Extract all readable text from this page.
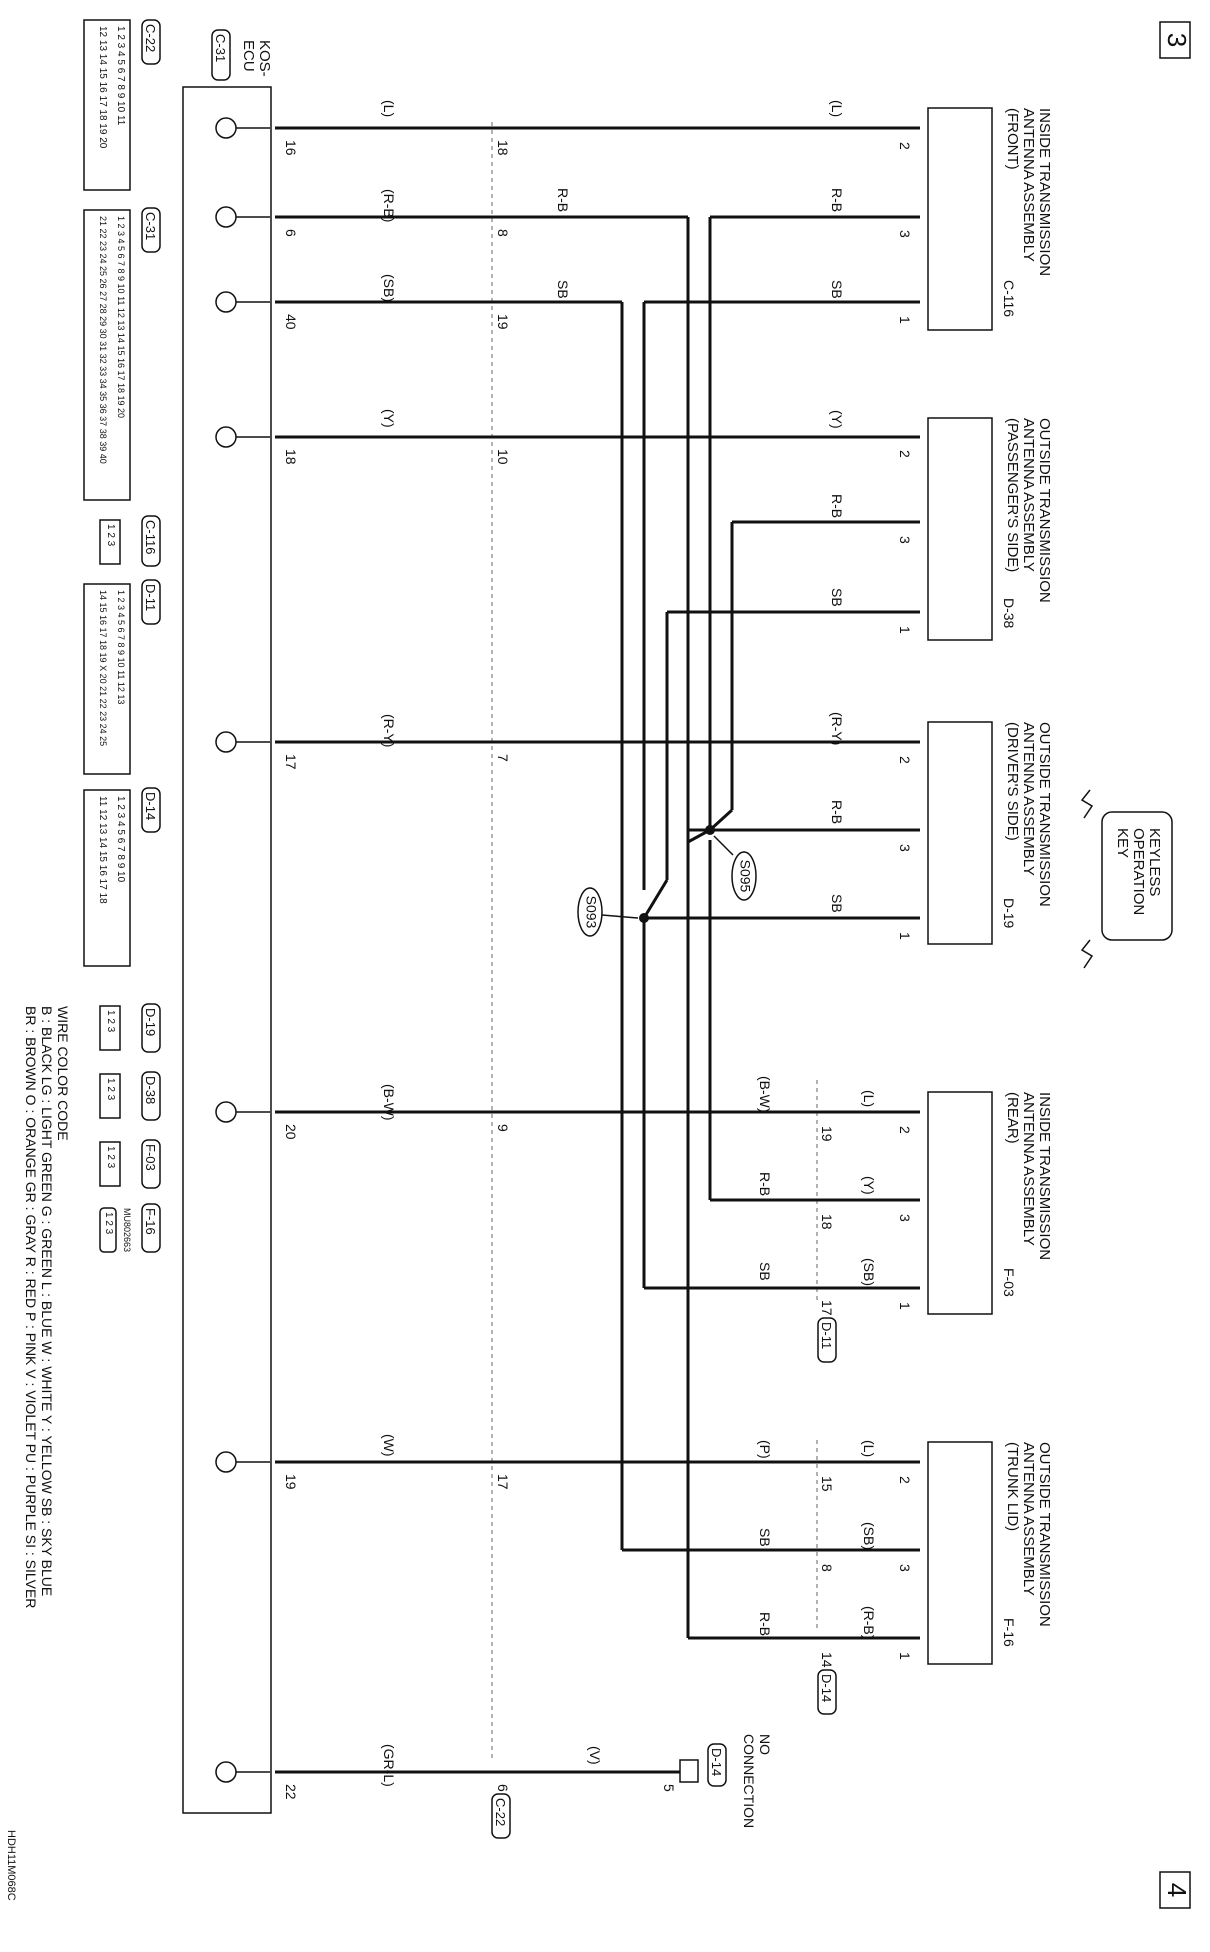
3
4
S095
S093
INSIDE TRANSMISSION
ANTENNA ASSEMBLY
(FRONT)
C-116
2
3
1
(L)
R-B
SB
OUTSIDE TRANSMISSION
ANTENNA ASSEMBLY
(PASSENGER'S SIDE)
D-38
2
3
1
(Y)
R-B
SB
OUTSIDE TRANSMISSION
ANTENNA ASSEMBLY
(DRIVER'S SIDE)
D-19
2
3
1
(R-Y)
R-B
SB
INSIDE TRANSMISSION
ANTENNA ASSEMBLY
(REAR)
F-03
2
3
1
(B-W)
R-B
SB
(L)
(Y)
(SB)
19
18
17
D-11
OUTSIDE TRANSMISSION
ANTENNA ASSEMBLY
(TRUNK LID)
F-16
2
3
1
(P)
SB
R-B
(L)
(SB)
(R-B)
15
8
14
D-14
R-B
SB
KEYLESS
OPERATION
KEY
KOS-
ECU
C-31
NO
CONNECTION
D-14
5
(V)
C-22
C-22
1 2 3 4 5 6 7 8 9 10 11
12 13 14 15 16 17 18 19 20
C-31
1 2 3 4 5 6 7 8 9 10 11 12 13 14 15 16 17 18 19 20
21 22 23 24 25 26 27 28 29 30 31 32 33 34 35 36 37 38 39 40
C-116
1 2 3
D-11
1 2 3 4 5 6 7 8 9 10 11 12 13
14 15 16 17 18 19 X 20 21 22 23 24 25
D-14
1 2 3 4 5 6 7 8 9 10
11 12 13 14 15 16 17 18
D-19
1 2 3
D-38
1 2 3
F-03
1 2 3
F-16
MU802663
1 2 3
WIRE COLOR CODE
B : BLACK LG : LIGHT GREEN G : GREEN L : BLUE W : WHITE Y : YELLOW SB : SKY BLUE
BR : BROWN O : ORANGE GR : GRAY R : RED P : PINK V : VIOLET PU : PURPLE SI : SILVER
HDH11M068C
16	18
(L)
6	8
(R-B)
40	19
(SB)
18	10
(Y)
17	7
(R-Y)
20	9
(B-W)
19	17
(W)
22	6
(GR-L)
